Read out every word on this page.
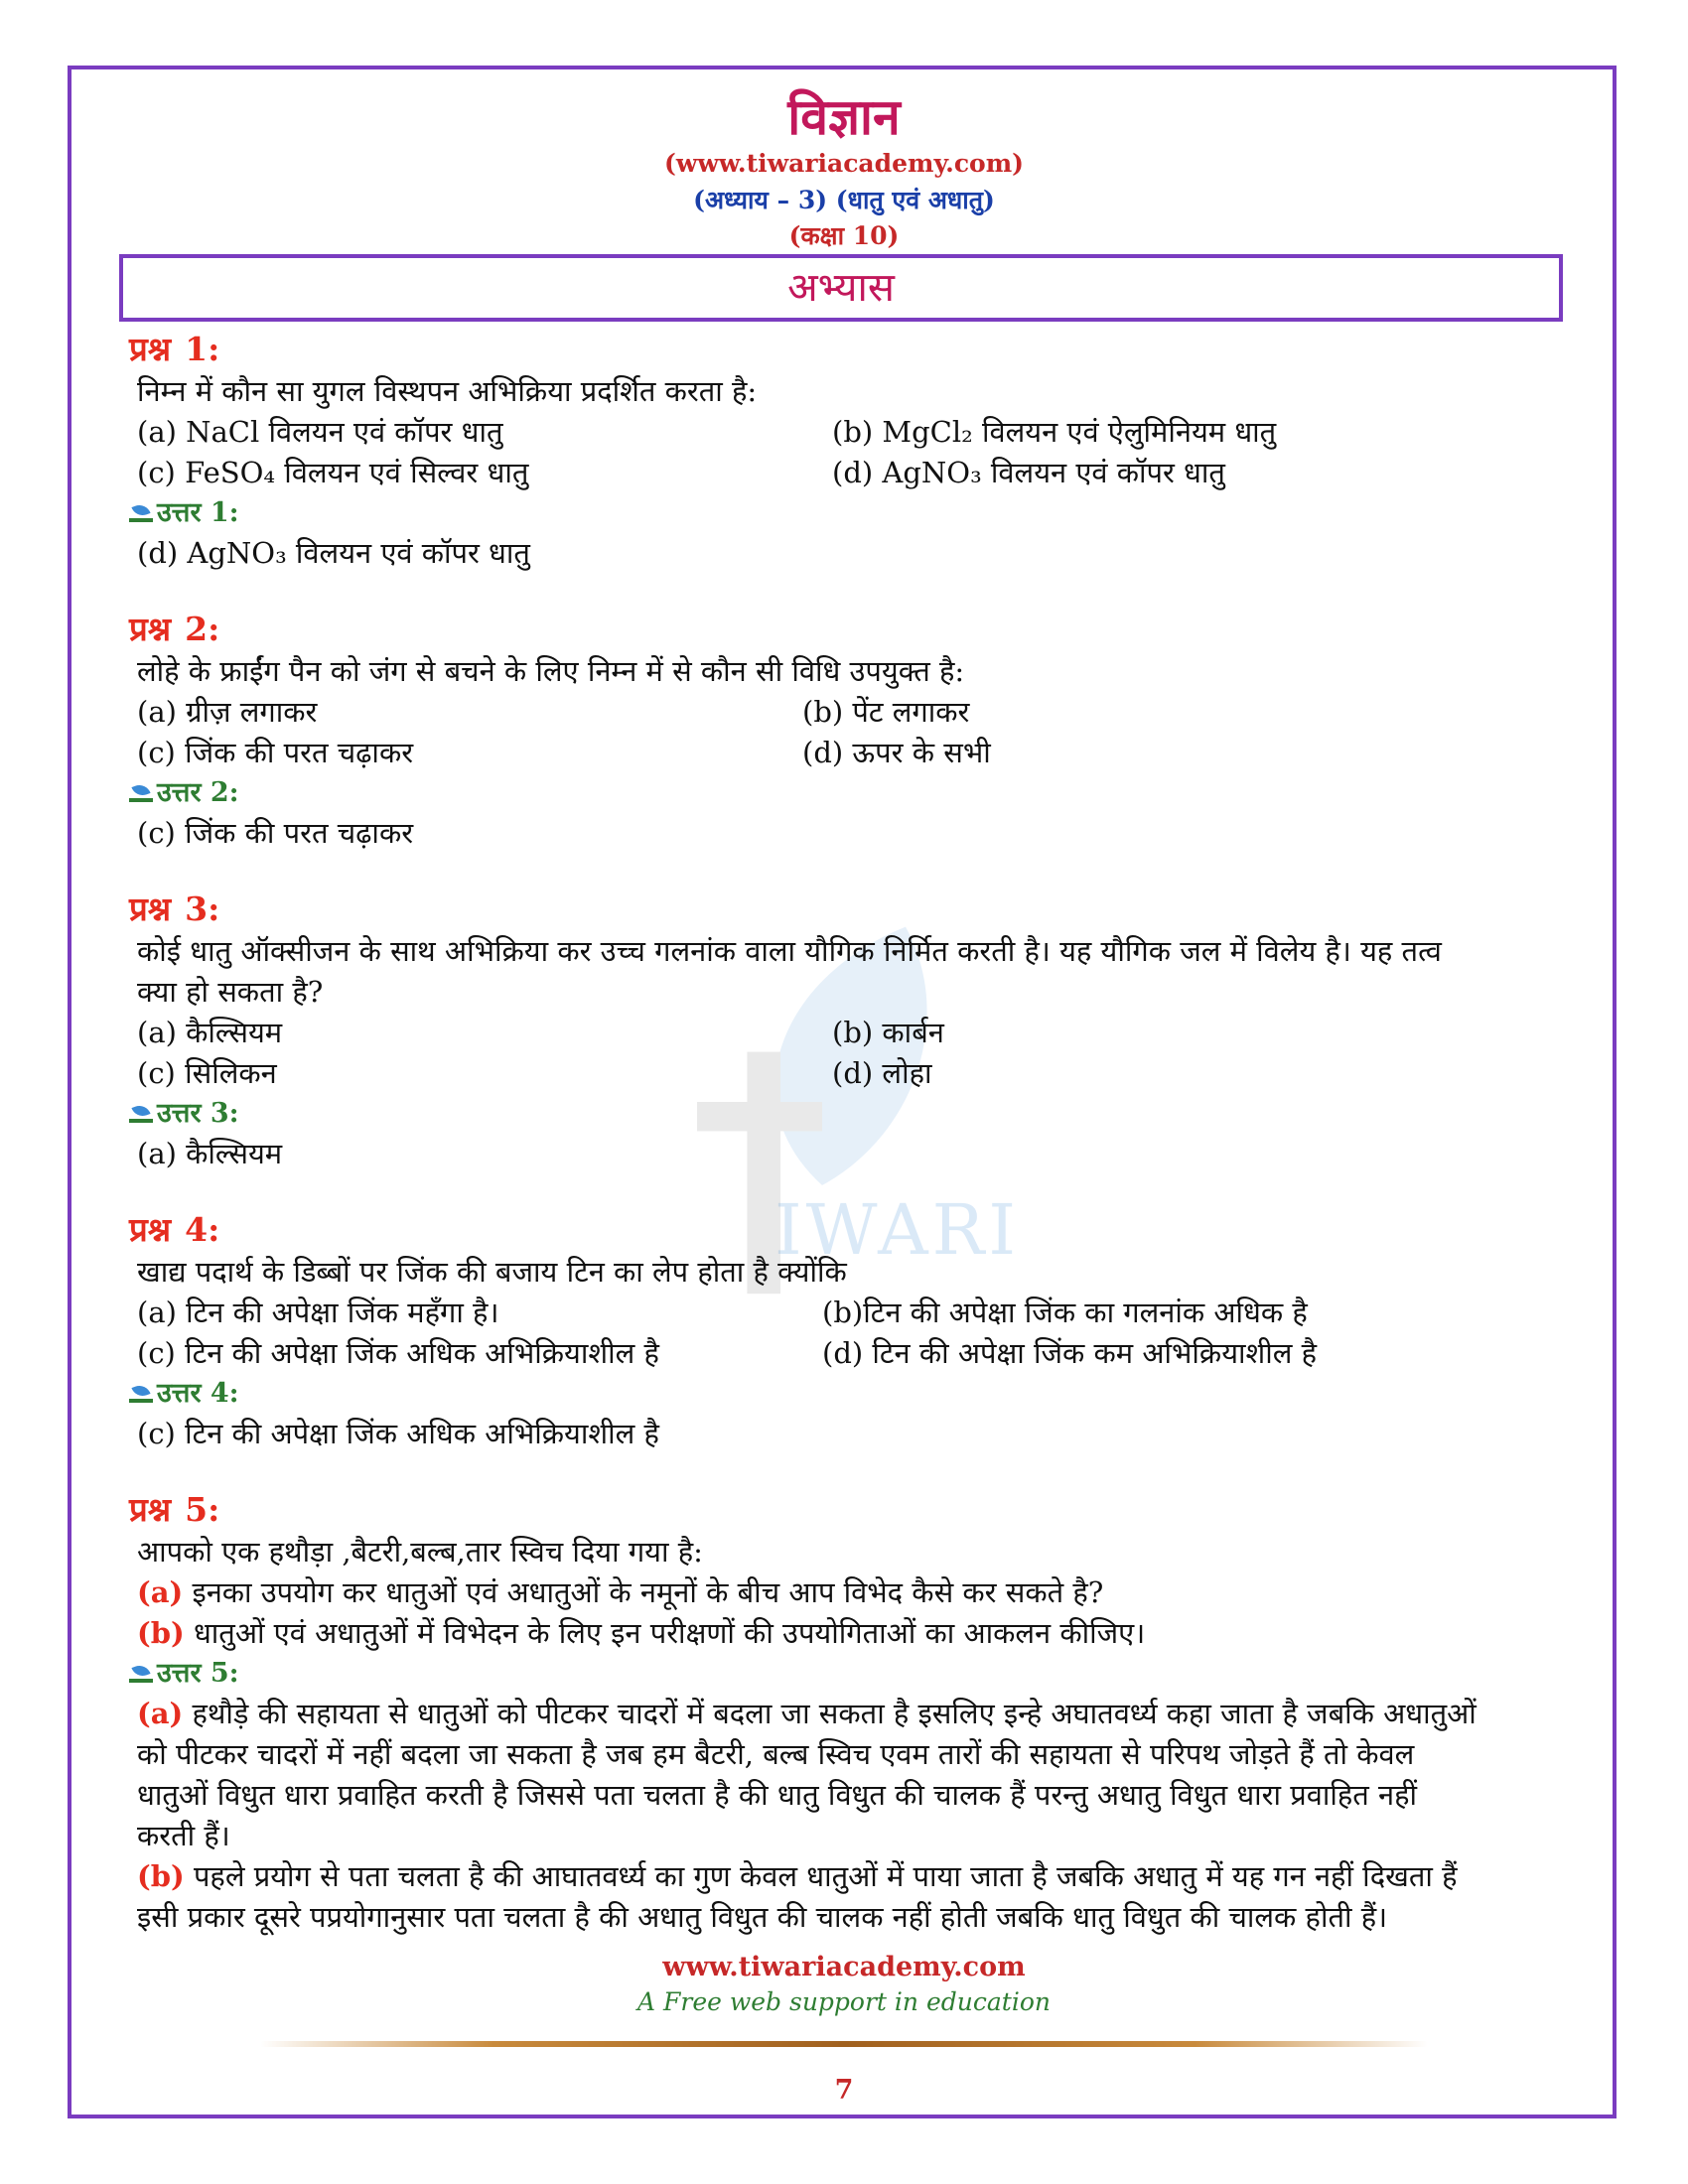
IWARI
विज्ञान
(www.tiwariacademy.com)
(अध्याय – 3) (धातु एवं अधातु)
(कक्षा 10)
अभ्यास
प्रश्न 1:
निम्न में कौन सा युगल विस्थपन अभिक्रिया प्रदर्शित करता है:
(a) NaCl विलयन एवं कॉपर धातु	(b) MgCl₂ विलयन एवं ऐलुमिनियम धातु
(c) FeSO₄ विलयन एवं सिल्वर धातु	(d) AgNO₃ विलयन एवं कॉपर धातु
उत्तर 1:
(d) AgNO₃ विलयन एवं कॉपर धातु
प्रश्न 2:
लोहे के फ्राईंग पैन को जंग से बचने के लिए निम्न में से कौन सी विधि उपयुक्त है:
(a) ग्रीज़ लगाकर	(b) पेंट लगाकर
(c) जिंक की परत चढ़ाकर	(d) ऊपर के सभी
उत्तर 2:
(c) जिंक की परत चढ़ाकर
प्रश्न 3:
कोई धातु ऑक्सीजन के साथ अभिक्रिया कर उच्च गलनांक वाला यौगिक निर्मित करती है। यह यौगिक जल में विलेय है। यह तत्व
क्या हो सकता है?
(a) कैल्सियम	(b) कार्बन
(c) सिलिकन	(d) लोहा
उत्तर 3:
(a) कैल्सियम
प्रश्न 4:
खाद्य पदार्थ के डिब्बों पर जिंक की बजाय टिन का लेप होता है क्योंकि
(a) टिन की अपेक्षा जिंक महँगा है।	(b)टिन की अपेक्षा जिंक का गलनांक अधिक है
(c) टिन की अपेक्षा जिंक अधिक अभिक्रियाशील है	(d) टिन की अपेक्षा जिंक कम अभिक्रियाशील है
उत्तर 4:
(c) टिन की अपेक्षा जिंक अधिक अभिक्रियाशील है
प्रश्न 5:
आपको एक हथौड़ा ,बैटरी,बल्ब,तार स्विच दिया गया है:
(a) इनका उपयोग कर धातुओं एवं अधातुओं के नमूनों के बीच आप विभेद कैसे कर सकते है?
(b) धातुओं एवं अधातुओं में विभेदन के लिए इन परीक्षणों की उपयोगिताओं का आकलन कीजिए।
उत्तर 5:
(a) हथौड़े की सहायता से धातुओं को पीटकर चादरों में बदला जा सकता है इसलिए इन्हे अघातवर्ध्य कहा जाता है जबकि अधातुओं
को पीटकर चादरों में नहीं बदला जा सकता है जब हम बैटरी, बल्ब स्विच एवम तारों की सहायता से परिपथ जोड़ते हैं तो केवल
धातुओं विधुत धारा प्रवाहित करती है जिससे पता चलता है की धातु विधुत की चालक हैं परन्तु अधातु विधुत धारा प्रवाहित नहीं
करती हैं।
(b) पहले प्रयोग से पता चलता है की आघातवर्ध्य का गुण केवल धातुओं में पाया जाता है जबकि अधातु में यह गन नहीं दिखता हैं
इसी प्रकार दूसरे पप्रयोगानुसार पता चलता है की अधातु विधुत की चालक नहीं होती जबकि धातु विधुत की चालक होती हैं।
www.tiwariacademy.com
A Free web support in education
7
